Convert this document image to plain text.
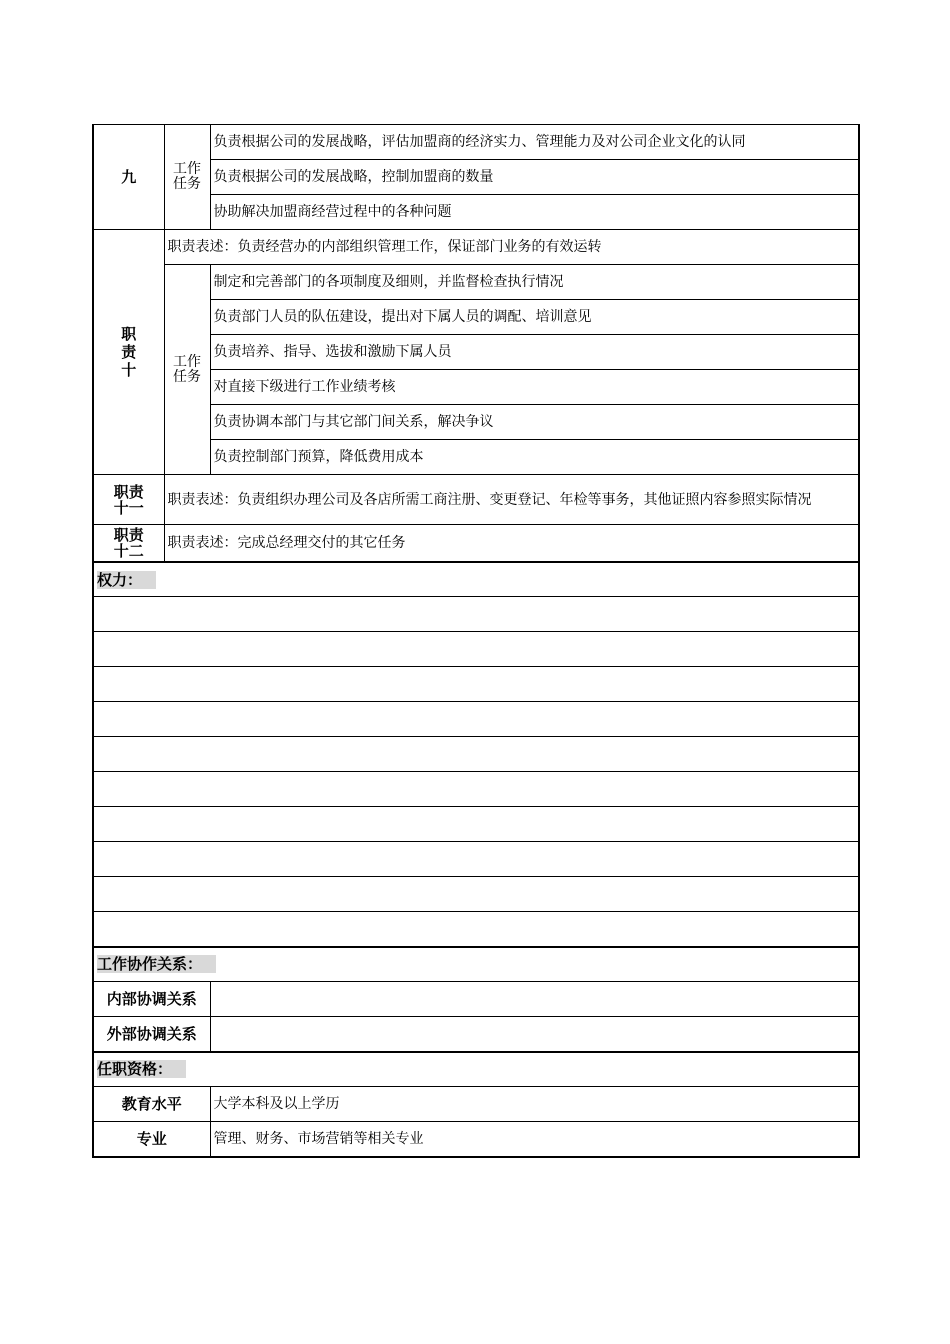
九	工作任务	负责根据公司的发展战略，评估加盟商的经济实力、管理能力及对公司企业文化的认同
		负责根据公司的发展战略，控制加盟商的数量
		协助解决加盟商经营过程中的各种问题
职责十	职责表述：负责经营办的内部组织管理工作，保证部门业务的有效运转	
	工作任务	制定和完善部门的各项制度及细则，并监督检查执行情况
		负责部门人员的队伍建设，提出对下属人员的调配、培训意见
		负责培养、指导、选拔和激励下属人员
		对直接下级进行工作业绩考核
		负责协调本部门与其它部门间关系，解决争议
		负责控制部门预算，降低费用成本
职责十一	职责表述：负责组织办理公司及各店所需工商注册、变更登记、年检等事务，其他证照内容参照实际情况	
职责十二	职责表述：完成总经理交付的其它任务	
权力：		

工作协作关系：		
内部协调关系		
外部协调关系		
任职资格：		
教育水平		大学本科及以上学历
专业		管理、财务、市场营销等相关专业
